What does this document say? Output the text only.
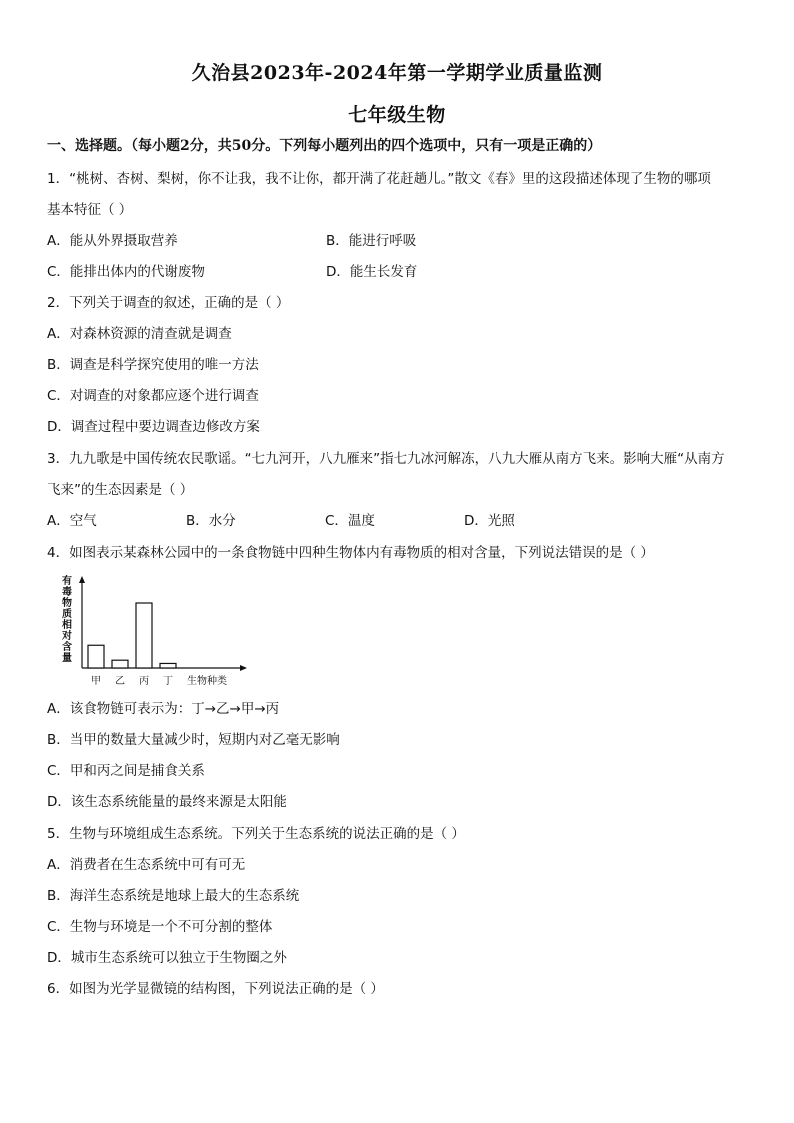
久治县2023年-2024年第一学期学业质量监测
七年级生物
一、选择题。（每小题2分，共50分。下列每小题列出的四个选项中，只有一项是正确的）
1．“桃树、杏树、梨树，你不让我，我不让你，都开满了花赶趟儿。”散文《春》里的这段描述体现了生物的哪项
基本特征（ ）
A．能从外界摄取营养	B．能进行呼吸
C．能排出体内的代谢废物	D．能生长发育
2．下列关于调查的叙述，正确的是（ ）
A．对森林资源的清查就是调查
B．调查是科学探究使用的唯一方法
C．对调查的对象都应逐个进行调查
D．调查过程中要边调查边修改方案
3．九九歌是中国传统农民歌谣。“七九河开，八九雁来”指七九冰河解冻，八九大雁从南方飞来。影响大雁“从南方
飞来”的生态因素是（ ）
A．空气	B．水分	C．温度	D．光照
4．如图表示某森林公园中的一条食物链中四种生物体内有毒物质的相对含量，下列说法错误的是（ ）
有
毒
物
质
相
对
含
量
甲 乙 丙 丁 生物种类
A．该食物链可表示为：丁→乙→甲→丙
B．当甲的数量大量减少时，短期内对乙毫无影响
C．甲和丙之间是捕食关系
D．该生态系统能量的最终来源是太阳能
5．生物与环境组成生态系统。下列关于生态系统的说法正确的是（ ）
A．消费者在生态系统中可有可无
B．海洋生态系统是地球上最大的生态系统
C．生物与环境是一个不可分割的整体
D．城市生态系统可以独立于生物圈之外
6．如图为光学显微镜的结构图，下列说法正确的是（ ）
